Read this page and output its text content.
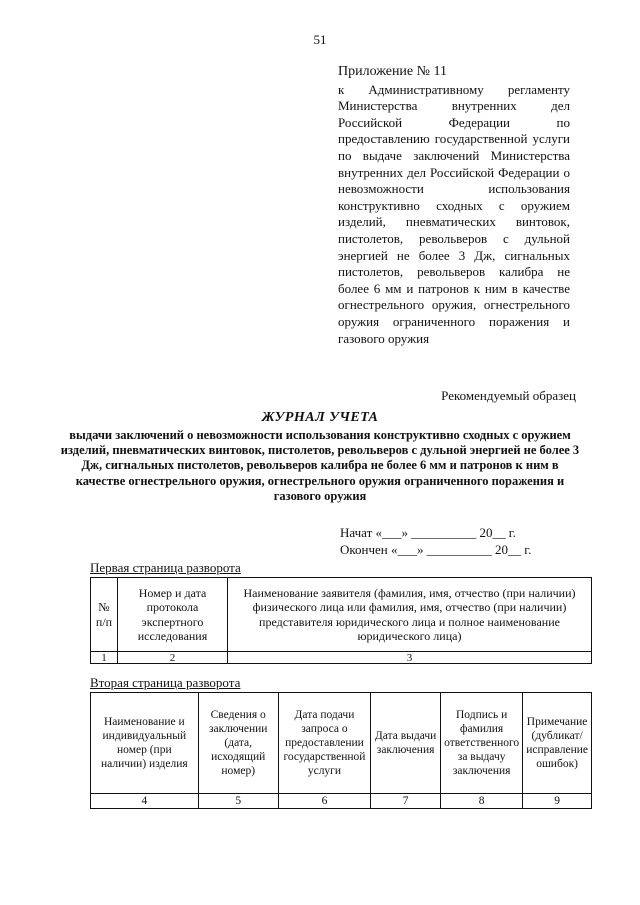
51
Приложение № 11
к Административному регламенту Министерства внутренних дел Российской Федерации по предоставлению государственной услуги по выдаче заключений Министерства внутренних дел Российской Федерации о невозможности использования конструктивно сходных с оружием изделий, пневматических винтовок, пистолетов, револьверов с дульной энергией не более 3 Дж, сигнальных пистолетов, револьверов калибра не более 6 мм и патронов к ним в качестве огнестрельного оружия, огнестрельного оружия ограниченного поражения и газового оружия
Рекомендуемый образец
ЖУРНАЛ УЧЕТА
выдачи заключений о невозможности использования конструктивно сходных с оружием изделий, пневматических винтовок, пистолетов, револьверов с дульной энергией не более 3 Дж, сигнальных пистолетов, револьверов калибра не более 6 мм и патронов к ним в качестве огнестрельного оружия, огнестрельного оружия ограниченного поражения и газового оружия
Начат «___» __________ 20__ г.
Окончен «___» __________ 20__ г.
Первая страница разворота
№ п/п	Номер и дата протокола экспертного исследования	Наименование заявителя (фамилия, имя, отчество (при наличии) физического лица или фамилия, имя, отчество (при наличии) представителя юридического лица и полное наименование юридического лица)
1	2	3
Вторая страница разворота
Наименование и индивидуальный номер (при наличии) изделия	Сведения о заключении (дата, исходящий номер)	Дата подачи запроса о предоставлении государственной услуги	Дата выдачи заключения	Подпись и фамилия ответственного за выдачу заключения	Примечание (дубликат/ исправление ошибок)
4	5	6	7	8	9
